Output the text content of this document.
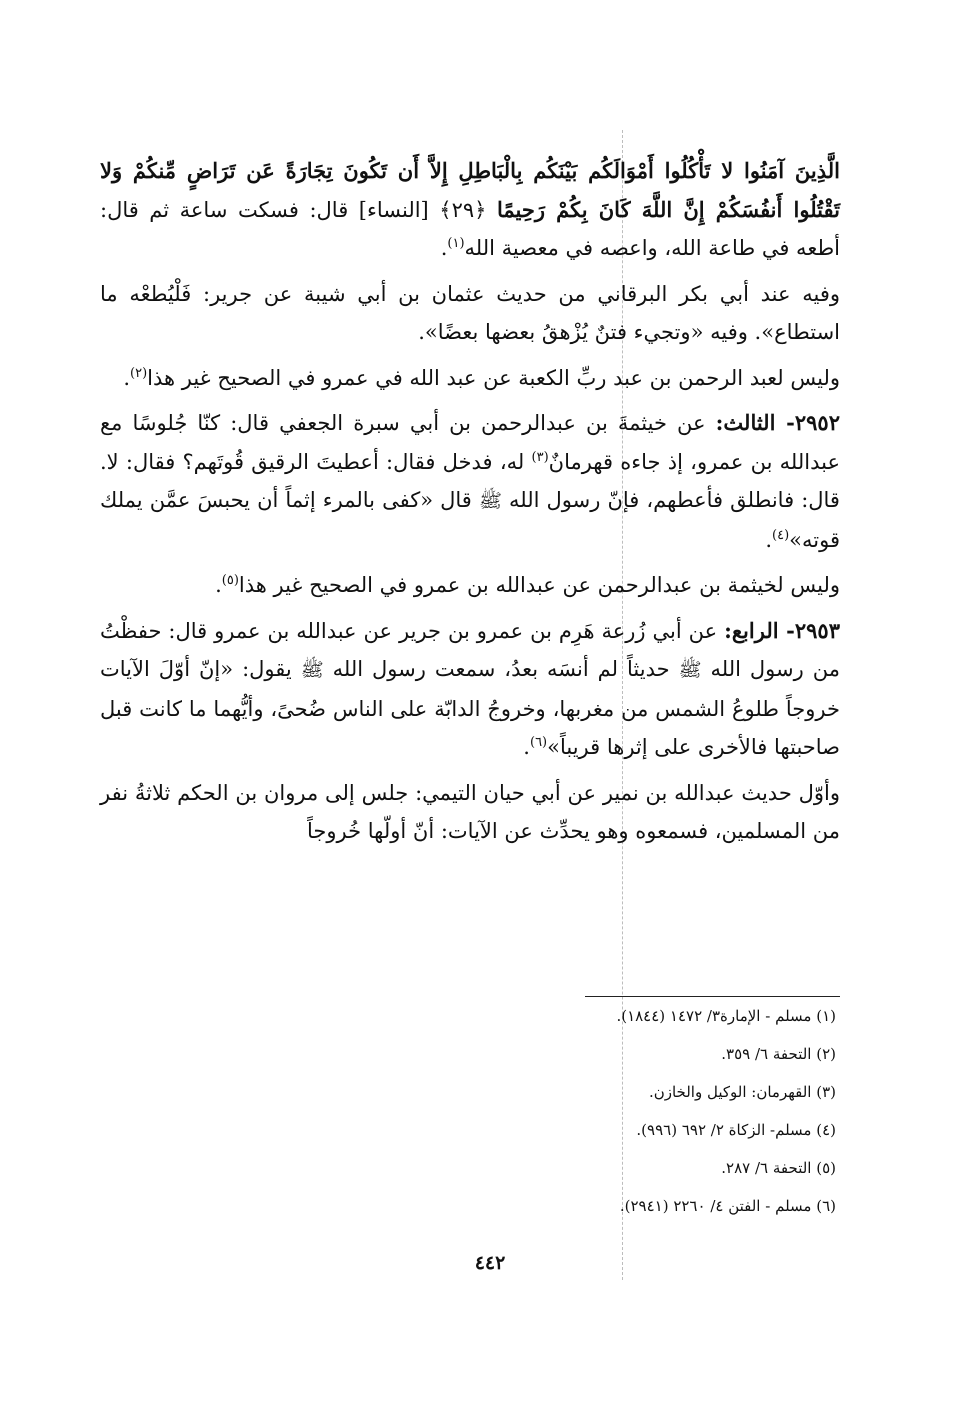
الَّذِينَ آمَنُوا لا تَأْكُلُوا أَمْوَالَكُم بَيْنَكُم بِالْبَاطِلِ إِلاَّ أَن تَكُونَ تِجَارَةً عَن تَرَاضٍ مِّنكُمْ وَلا تَقْتُلُوا أَنفُسَكُمْ إِنَّ اللَّهَ كَانَ بِكُمْ رَحِيمًا ﴿٢٩﴾ [النساء] قال: فسكت ساعة ثم قال: أطعه في طاعة الله، واعصه في معصية الله$^{(١)}$.

وفيه عند أبي بكر البرقاني من حديث عثمان بن أبي شيبة عن جرير: فَلْيُطعْه ما استطاع». وفيه «وتجيء فتنٌ يُزْهقُ بعضها بعضًا».

وليس لعبد الرحمن بن عبد ربِّ الكعبة عن عبد الله في عمرو في الصحيح غير هذا$^{(٢)}$.

٢٩٥٢- الثالث: عن خيثمةَ بن عبدالرحمن بن أبي سبرة الجعفي قال: كنّا جُلوسًا مع عبدالله بن عمرو، إذ جاءه قهرمانٌ$^{(٣)}$ له، فدخل فقال: أعطيتَ الرقيق قُوتَهم؟ فقال: لا. قال: فانطلق فأعطهم، فإنّ رسول الله ﷺ قال «كفى بالمرء إثماً أن يحبسَ عمَّن يملك قوته»$^{(٤)}$.

وليس لخيثمة بن عبدالرحمن عن عبدالله بن عمرو في الصحيح غير هذا$^{(٥)}$.

٢٩٥٣- الرابع: عن أبي زُرعة هَرِم بن عمرو بن جرير عن عبدالله بن عمرو قال: حفظْتُ من رسول الله ﷺ حديثاً لم أنسَه بعدُ، سمعت رسول الله ﷺ يقول: «إنّ أوّلَ الآيات خروجاً طلوعُ الشمس من مغربها، وخروجُ الدابّة على الناس ضُحىً، وأيُّهما ما كانت قبل صاحبتها فالأخرى على إثرها قريباً»$^{(٦)}$.

وأوّل حديث عبدالله بن نمير عن أبي حيان التيمي: جلس إلى مروان بن الحكم ثلاثةُ نفر من المسلمين، فسمعوه وهو يحدِّث عن الآيات: أنّ أولّها خُروجاً

(١) مسلم - الإمارة٣/ ١٤٧٢ (١٨٤٤).
(٢) التحفة ٦/ ٣٥٩.
(٣) القهرمان: الوكيل والخازن.
(٤) مسلم- الزكاة ٢/ ٦٩٢ (٩٩٦).
(٥) التحفة ٦/ ٢٨٧.
(٦) مسلم - الفتن ٤/ ٢٢٦٠ (٢٩٤١).
٤٤٢
